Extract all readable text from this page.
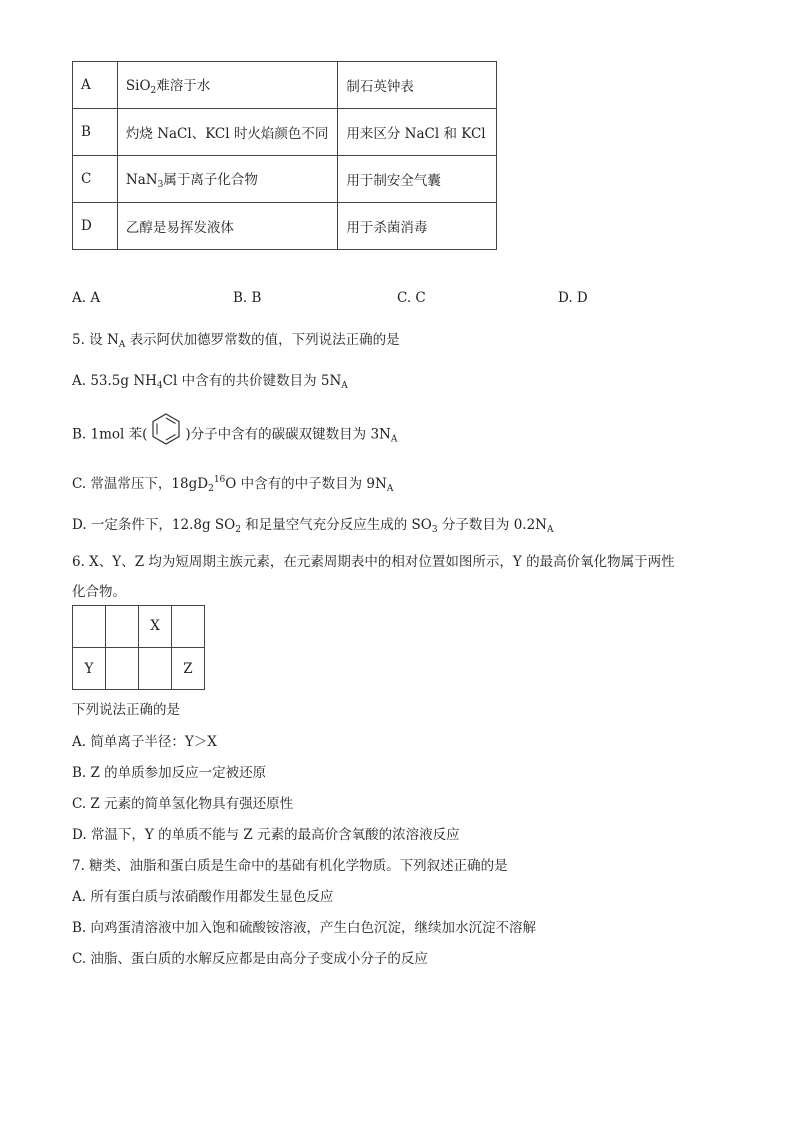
A	SiO$_2$难溶于水	制石英钟表
B	灼烧 NaCl、KCl 时火焰颜色不同	用来区分 NaCl 和 KCl
C	NaN$_3$属于离子化合物	用于制安全气囊
D	乙醇是易挥发液体	用于杀菌消毒
A. A	B. B	C. C	D. D
5. 设 $N_A$ 表示阿伏加德罗常数的值，下列说法正确的是
A. 53.5g $NH_4Cl$ 中含有的共价键数目为 $5N_A$
B. 1mol 苯(	)分子中含有的碳碳双键数目为 $3N_A$
C. 常温常压下，$18gD_2^{16}O$ 中含有的中子数目为 $9N_A$
D. 一定条件下，12.8g $SO_2$ 和足量空气充分反应生成的 $SO_3$ 分子数目为 $0.2N_A$
6. X、Y、Z 均为短周期主族元素，在元素周期表中的相对位置如图所示，Y 的最高价氧化物属于两性
化合物。
		X	
Y			Z
下列说法正确的是
A. 简单离子半径：Y＞X
B. Z 的单质参加反应一定被还原
C. Z 元素的简单氢化物具有强还原性
D. 常温下，Y 的单质不能与 Z 元素的最高价含氧酸的浓溶液反应
7. 糖类、油脂和蛋白质是生命中的基础有机化学物质。下列叙述正确的是
A. 所有蛋白质与浓硝酸作用都发生显色反应
B. 向鸡蛋清溶液中加入饱和硫酸铵溶液，产生白色沉淀，继续加水沉淀不溶解
C. 油脂、蛋白质的水解反应都是由高分子变成小分子的反应
